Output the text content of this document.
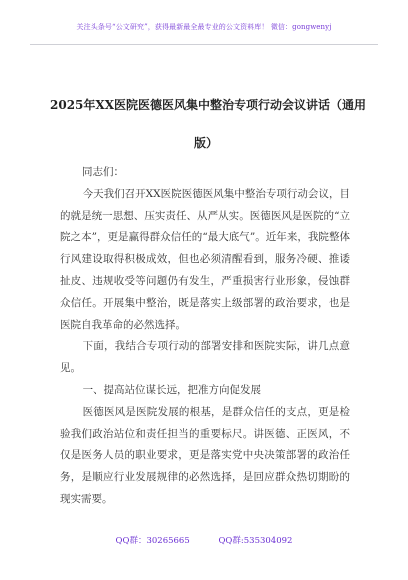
关注头条号“公文研究”，获得最新最全最专业的公文资料库！ 微信：gongwenyj
2025年XX医院医德医风集中整治专项行动会议讲话（通用
版）

同志们：

今天我们召开XX医院医德医风集中整治专项行动会议，目的就是统一思想、压实责任、从严从实。医德医风是医院的“立院之本”，更是赢得群众信任的“最大底气”。近年来，我院整体行风建设取得积极成效，但也必须清醒看到，服务冷硬、推诿扯皮、违规收受等问题仍有发生，严重损害行业形象，侵蚀群众信任。开展集中整治，既是落实上级部署的政治要求，也是医院自我革命的必然选择。

下面，我结合专项行动的部署安排和医院实际，讲几点意见。

一、提高站位谋长远，把准方向促发展

医德医风是医院发展的根基，是群众信任的支点，更是检验我们政治站位和责任担当的重要标尺。讲医德、正医风，不仅是医务人员的职业要求，更是落实党中央决策部署的政治任务，是顺应行业发展规律的必然选择，是回应群众热切期盼的现实需要。

QQ群：30265665	QQ群:535304092
